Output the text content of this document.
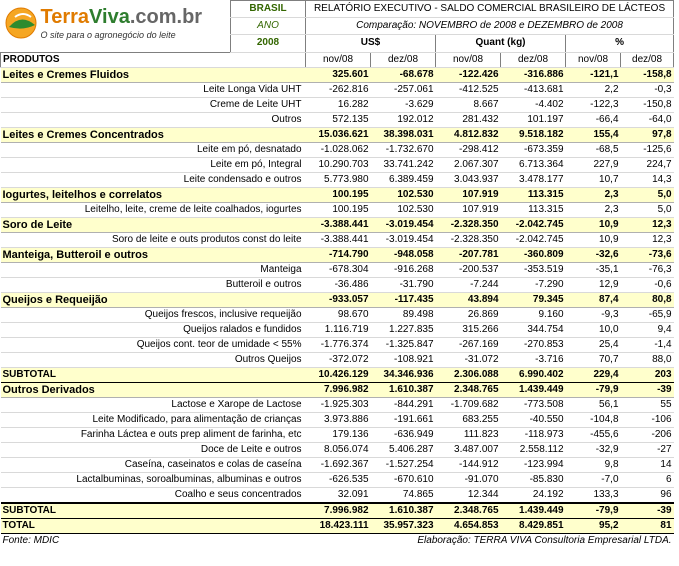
TerraViva.com.br
O site para o agronegócio do leite	BRASIL	RELATÓRIO EXECUTIVO - SALDO COMERCIAL BRASILEIRO DE LÁCTEOS					
	ANO	Comparação: NOVEMBRO de 2008 e DEZEMBRO de 2008					
	2008	US$		Quant (kg)		%	
PRODUTOS		nov/08	dez/08	nov/08	dez/08	nov/08	dez/08
Leites e Cremes Fluidos		325.601	-68.678	-122.426	-316.886	-121,1	-158,8
Leite Longa Vida UHT		-262.816	-257.061	-412.525	-413.681	2,2	-0,3
Creme de Leite UHT		16.282	-3.629	8.667	-4.402	-122,3	-150,8
Outros		572.135	192.012	281.432	101.197	-66,4	-64,0
Leites e Cremes Concentrados		15.036.621	38.398.031	4.812.832	9.518.182	155,4	97,8
Leite em pó, desnatado		-1.028.062	-1.732.670	-298.412	-673.359	-68,5	-125,6
Leite em pó, Integral		10.290.703	33.741.242	2.067.307	6.713.364	227,9	224,7
Leite condensado e outros		5.773.980	6.389.459	3.043.937	3.478.177	10,7	14,3
Iogurtes, leitelhos e correlatos		100.195	102.530	107.919	113.315	2,3	5,0
Leitelho, leite, creme de leite coalhados, iogurtes		100.195	102.530	107.919	113.315	2,3	5,0
Soro de Leite		-3.388.441	-3.019.454	-2.328.350	-2.042.745	10,9	12,3
Soro de leite e outs produtos const do leite		-3.388.441	-3.019.454	-2.328.350	-2.042.745	10,9	12,3
Manteiga, Butteroil e outros		-714.790	-948.058	-207.781	-360.809	-32,6	-73,6
Manteiga		-678.304	-916.268	-200.537	-353.519	-35,1	-76,3
Butteroil e outros		-36.486	-31.790	-7.244	-7.290	12,9	-0,6
Queijos e Requeijão		-933.057	-117.435	43.894	79.345	87,4	80,8
Queijos frescos, inclusive requeijão		98.670	89.498	26.869	9.160	-9,3	-65,9
Queijos ralados e fundidos		1.116.719	1.227.835	315.266	344.754	10,0	9,4
Queijos cont. teor de umidade < 55%		-1.776.374	-1.325.847	-267.169	-270.853	25,4	-1,4
Outros Queijos		-372.072	-108.921	-31.072	-3.716	70,7	88,0
SUBTOTAL		10.426.129	34.346.936	2.306.088	6.990.402	229,4	203
Outros Derivados		7.996.982	1.610.387	2.348.765	1.439.449	-79,9	-39
Lactose e Xarope de Lactose		-1.925.303	-844.291	-1.709.682	-773.508	56,1	55
Leite Modificado, para alimentação de crianças		3.973.886	-191.661	683.255	-40.550	-104,8	-106
Farinha Láctea e outs prep aliment de farinha, etc		179.136	-636.949	111.823	-118.973	-455,6	-206
Doce de Leite e outros		8.056.074	5.406.287	3.487.007	2.558.112	-32,9	-27
Caseína, caseinatos e colas de caseína		-1.692.367	-1.527.254	-144.912	-123.994	9,8	14
Lactalbuminas, soroalbuminas, albuminas e outros		-626.535	-670.610	-91.070	-85.830	-7,0	6
Coalho e seus concentrados		32.091	74.865	12.344	24.192	133,3	96
SUBTOTAL		7.996.982	1.610.387	2.348.765	1.439.449	-79,9	-39
TOTAL		18.423.111	35.957.323	4.654.853	8.429.851	95,2	81
Fonte: MDIC		Elaboração: TERRA VIVA Consultoria Empresarial LTDA.					
